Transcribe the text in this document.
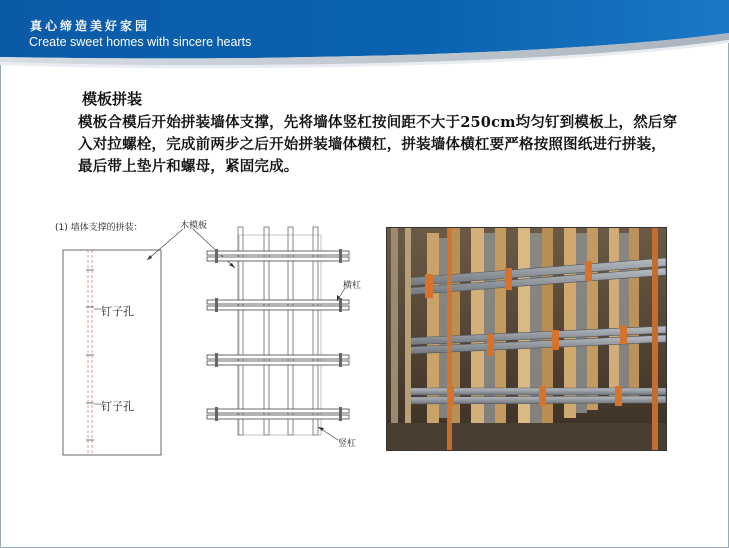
真心缔造美好家园
Create sweet homes with sincere hearts
模板拼装
模板合模后开始拼装墙体支撑，先将墙体竖杠按间距不大于250cm均匀钉到模板上，然后穿入对拉螺栓，完成前两步之后开始拼装墙体横杠，拼装墙体横杠要严格按照图纸进行拼装，最后带上垫片和螺母，紧固完成。
(1) 墙体支撑的拼装：	木模板
钉子孔
钉子孔
横杠
竖杠
